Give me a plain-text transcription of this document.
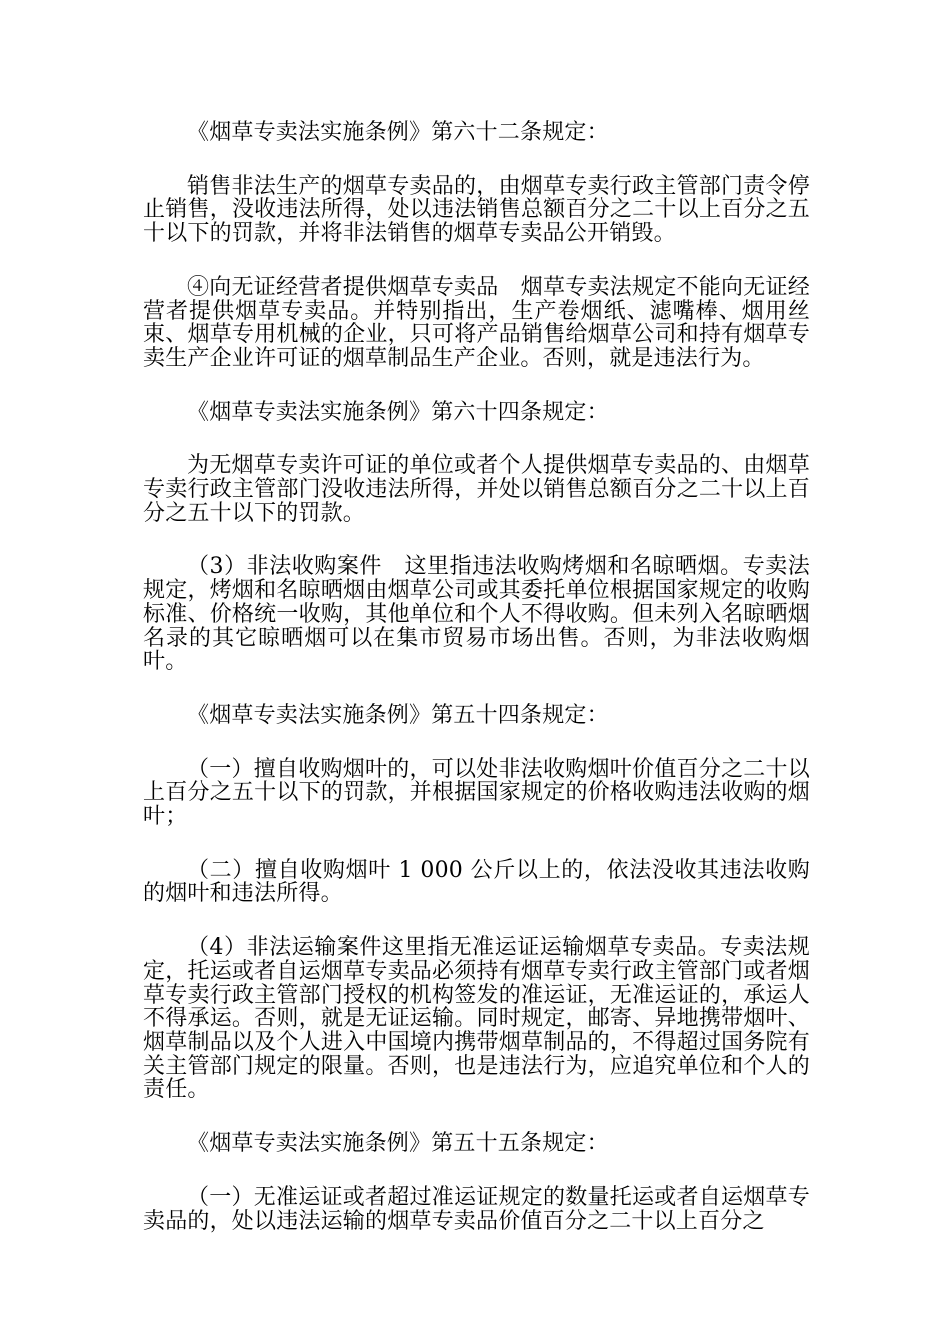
《烟草专卖法实施条例》第六十二条规定：

销售非法生产的烟草专卖品的，由烟草专卖行政主管部门责令停止销售，没收违法所得，处以违法销售总额百分之二十以上百分之五十以下的罚款，并将非法销售的烟草专卖品公开销毁。

④向无证经营者提供烟草专卖品　烟草专卖法规定不能向无证经营者提供烟草专卖品。并特别指出，生产卷烟纸、滤嘴棒、烟用丝束、烟草专用机械的企业，只可将产品销售给烟草公司和持有烟草专卖生产企业许可证的烟草制品生产企业。否则，就是违法行为。

《烟草专卖法实施条例》第六十四条规定：

为无烟草专卖许可证的单位或者个人提供烟草专卖品的、由烟草专卖行政主管部门没收违法所得，并处以销售总额百分之二十以上百分之五十以下的罚款。

（3）非法收购案件　这里指违法收购烤烟和名晾晒烟。专卖法规定，烤烟和名晾晒烟由烟草公司或其委托单位根据国家规定的收购标准、价格统一收购，其他单位和个人不得收购。但未列入名晾晒烟名录的其它晾晒烟可以在集市贸易市场出售。否则，为非法收购烟叶。

《烟草专卖法实施条例》第五十四条规定：

（一）擅自收购烟叶的，可以处非法收购烟叶价值百分之二十以上百分之五十以下的罚款，并根据国家规定的价格收购违法收购的烟叶；

（二）擅自收购烟叶 1 000 公斤以上的，依法没收其违法收购的烟叶和违法所得。

（4）非法运输案件这里指无准运证运输烟草专卖品。专卖法规定，托运或者自运烟草专卖品必须持有烟草专卖行政主管部门或者烟草专卖行政主管部门授权的机构签发的准运证，无准运证的，承运人不得承运。否则，就是无证运输。同时规定，邮寄、异地携带烟叶、烟草制品以及个人进入中国境内携带烟草制品的，不得超过国务院有关主管部门规定的限量。否则，也是违法行为，应追究单位和个人的责任。

《烟草专卖法实施条例》第五十五条规定：

（一）无准运证或者超过准运证规定的数量托运或者自运烟草专卖品的，处以违法运输的烟草专卖品价值百分之二十以上百分之
